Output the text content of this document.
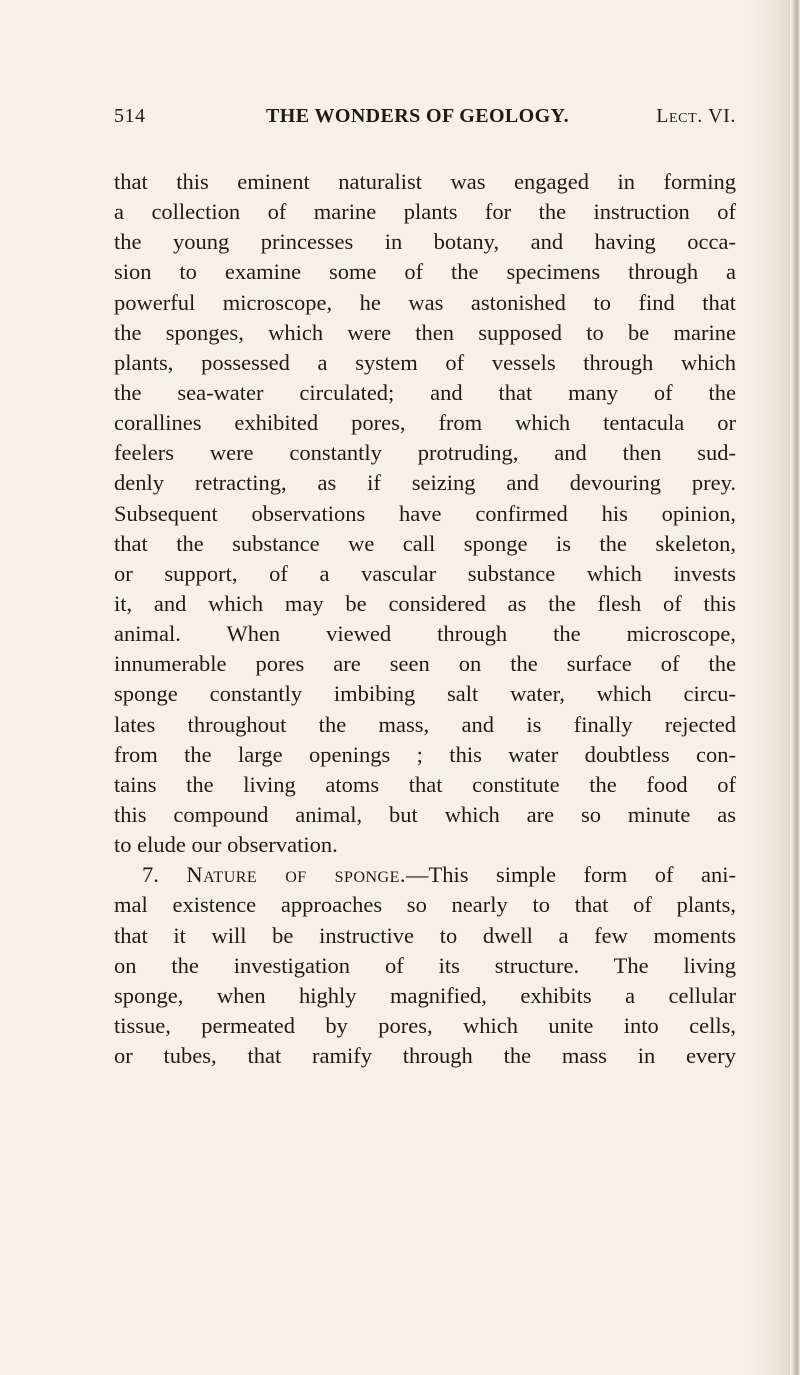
514	THE WONDERS OF GEOLOGY.	Lect. VI.
that this eminent naturalist was engaged in forming
a collection of marine plants for the instruction of
the young princesses in botany, and having occa-
sion to examine some of the specimens through a
powerful microscope, he was astonished to find that
the sponges, which were then supposed to be marine
plants, possessed a system of vessels through which
the sea-water circulated; and that many of the
corallines exhibited pores, from which tentacula or
feelers were constantly protruding, and then sud-
denly retracting, as if seizing and devouring prey.
Subsequent observations have confirmed his opinion,
that the substance we call sponge is the skeleton,
or support, of a vascular substance which invests
it, and which may be considered as the flesh of this
animal. When viewed through the microscope,
innumerable pores are seen on the surface of the
sponge constantly imbibing salt water, which circu-
lates throughout the mass, and is finally rejected
from the large openings ; this water doubtless con-
tains the living atoms that constitute the food of
this compound animal, but which are so minute as
to elude our observation.
7. Nature of sponge.—This simple form of ani-
mal existence approaches so nearly to that of plants,
that it will be instructive to dwell a few moments
on the investigation of its structure. The living
sponge, when highly magnified, exhibits a cellular
tissue, permeated by pores, which unite into cells,
or tubes, that ramify through the mass in every
